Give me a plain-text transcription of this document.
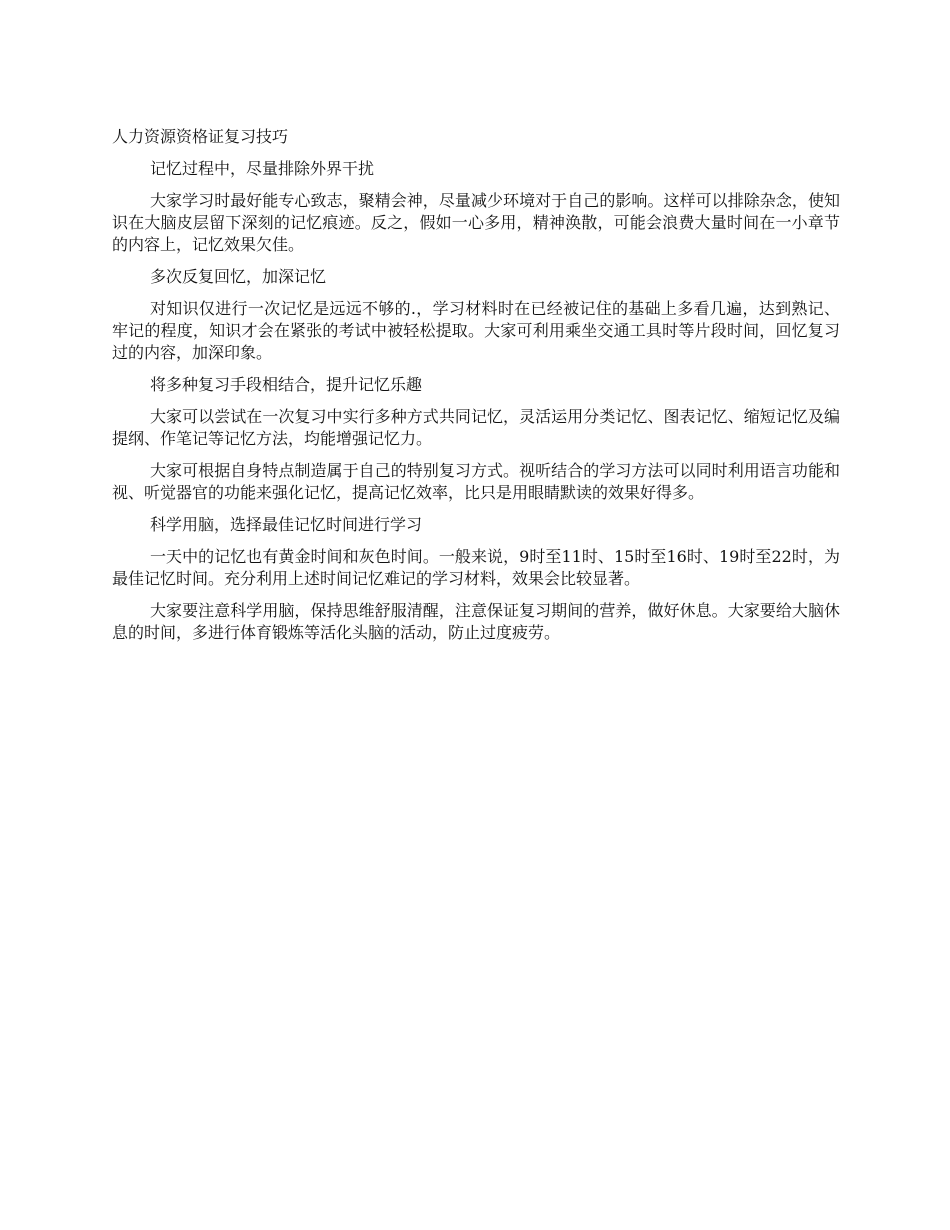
人力资源资格证复习技巧
记忆过程中，尽量排除外界干扰
大家学习时最好能专心致志，聚精会神，尽量减少环境对于自己的影响。这样可以排除杂念，使知识在大脑皮层留下深刻的记忆痕迹。反之，假如一心多用，精神涣散，可能会浪费大量时间在一小章节的内容上，记忆效果欠佳。
多次反复回忆，加深记忆
对知识仅进行一次记忆是远远不够的.，学习材料时在已经被记住的基础上多看几遍，达到熟记、牢记的程度，知识才会在紧张的考试中被轻松提取。大家可利用乘坐交通工具时等片段时间，回忆复习过的内容，加深印象。
将多种复习手段相结合，提升记忆乐趣
大家可以尝试在一次复习中实行多种方式共同记忆，灵活运用分类记忆、图表记忆、缩短记忆及编提纲、作笔记等记忆方法，均能增强记忆力。
大家可根据自身特点制造属于自己的特别复习方式。视听结合的学习方法可以同时利用语言功能和视、听觉器官的功能来强化记忆，提高记忆效率，比只是用眼睛默读的效果好得多。
科学用脑，选择最佳记忆时间进行学习
一天中的记忆也有黄金时间和灰色时间。一般来说，9时至11时、15时至16时、19时至22时，为最佳记忆时间。充分利用上述时间记忆难记的学习材料，效果会比较显著。
大家要注意科学用脑，保持思维舒服清醒，注意保证复习期间的营养，做好休息。大家要给大脑休息的时间，多进行体育锻炼等活化头脑的活动，防止过度疲劳。
